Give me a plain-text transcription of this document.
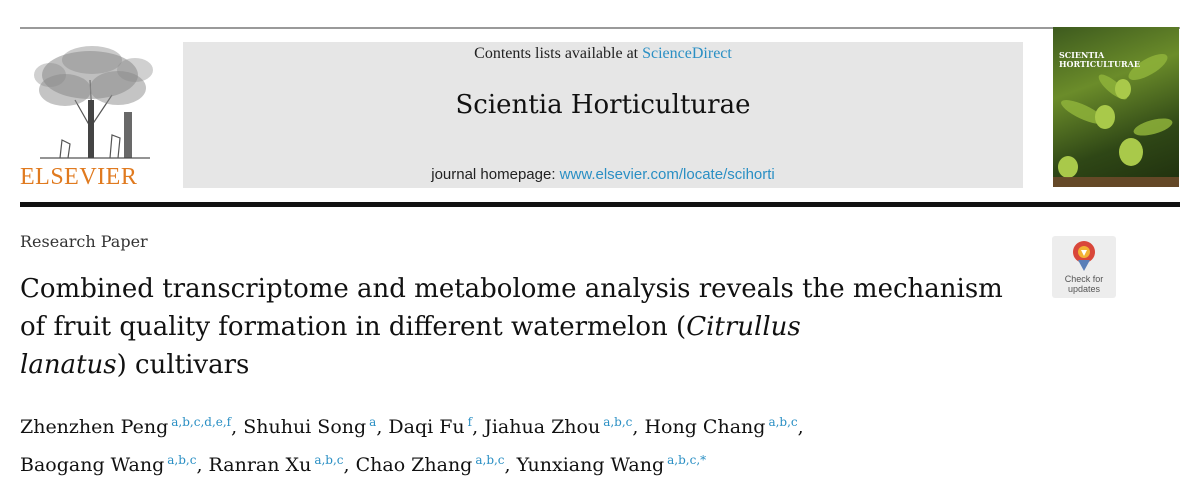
ELSEVIER
Contents lists available at ScienceDirect
Scientia Horticulturae
journal homepage: www.elsevier.com/locate/scihorti
SCIENTIA
HORTICULTURAE
Research Paper
Check for
updates
Combined transcriptome and metabolome analysis reveals the mechanism
of fruit quality formation in different watermelon (Citrullus
lanatus) cultivars
Zhenzhen Peng $^{a,b,c,d,e,f}$, Shuhui Song $^a$, Daqi Fu $^f$, Jiahua Zhou $^{a,b,c}$, Hong Chang $^{a,b,c}$,
Baogang Wang $^{a,b,c}$, Ranran Xu $^{a,b,c}$, Chao Zhang $^{a,b,c}$, Yunxiang Wang $^{a,b,c,*}$
